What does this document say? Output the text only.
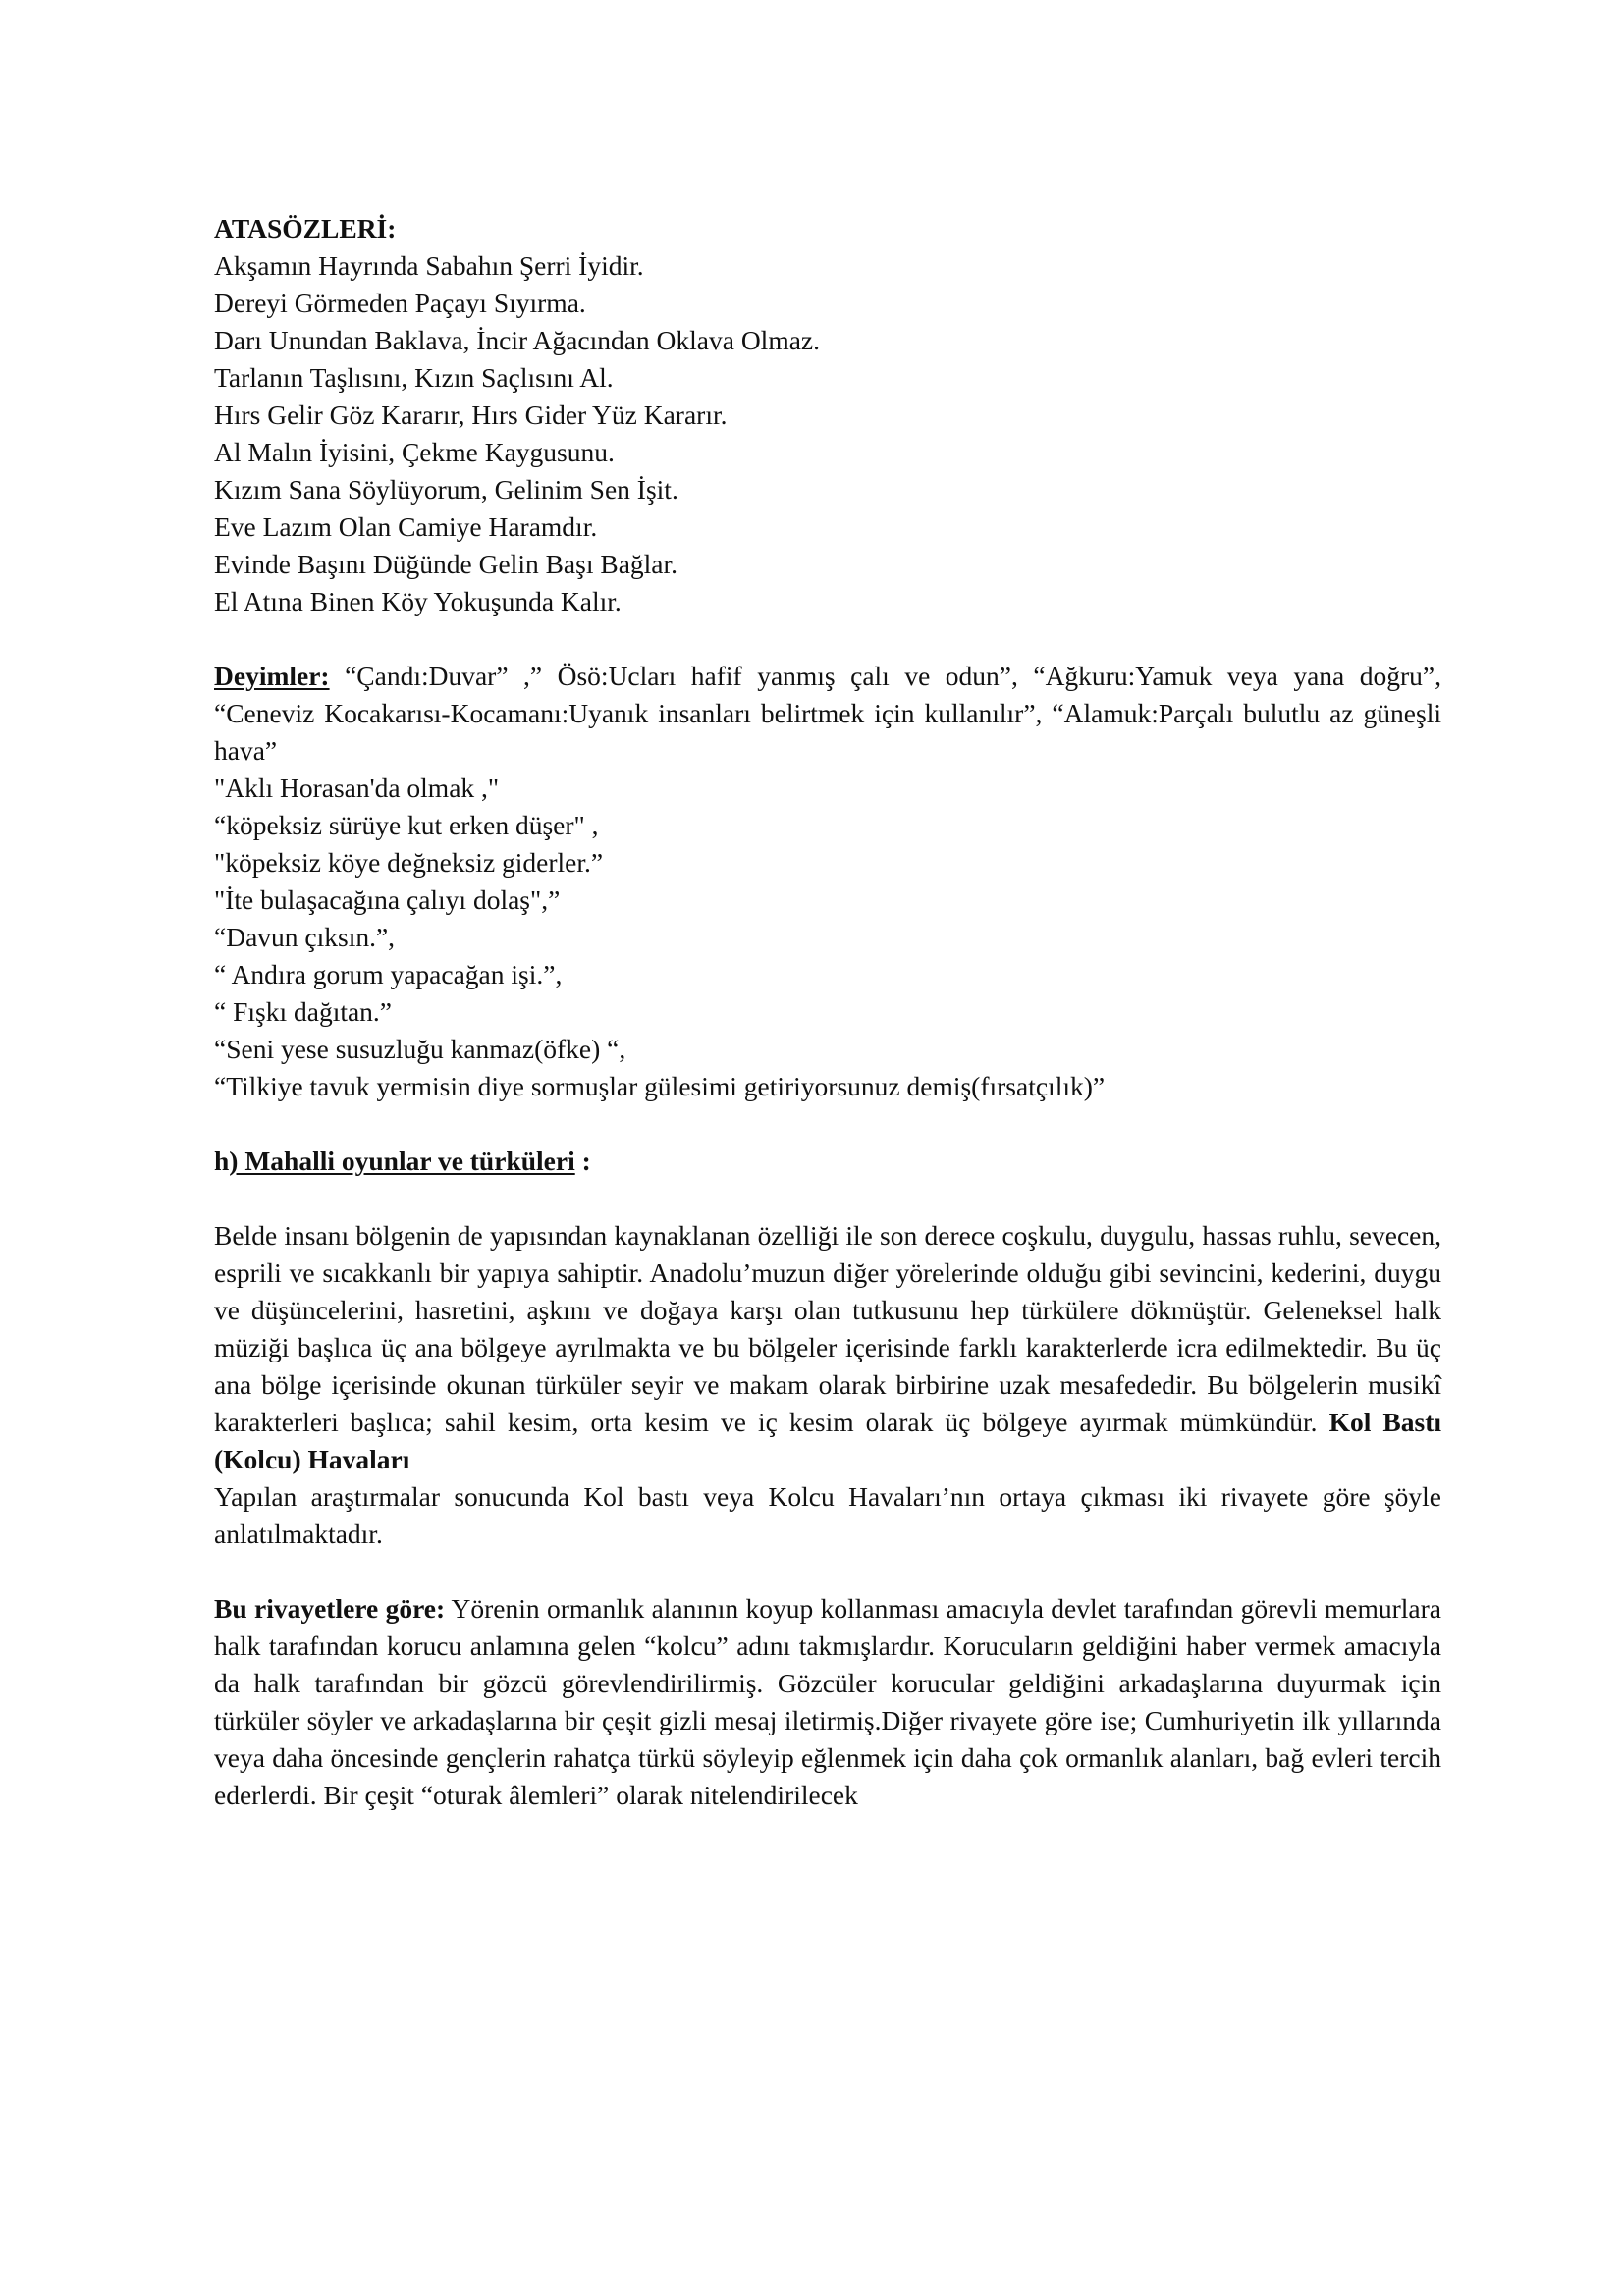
ATASÖZLERİ:
Akşamın Hayrında Sabahın Şerri İyidir.
Dereyi Görmeden Paçayı Sıyırma.
Darı Unundan Baklava, İncir Ağacından Oklava Olmaz.
Tarlanın Taşlısını, Kızın Saçlısını Al.
Hırs Gelir Göz Kararır, Hırs Gider Yüz Kararır.
Al Malın İyisini, Çekme Kaygusunu.
Kızım Sana Söylüyorum, Gelinim Sen İşit.
Eve Lazım Olan Camiye Haramdır.
Evinde Başını Düğünde Gelin Başı Bağlar.
El Atına Binen Köy Yokuşunda Kalır.

Deyimler: “Çandı:Duvar” ,” Ösö:Ucları hafif yanmış çalı ve odun”, “Ağkuru:Yamuk veya yana doğru”, “Ceneviz Kocakarısı-Kocamanı:Uyanık insanları belirtmek için kullanılır”, “Alamuk:Parçalı bulutlu az güneşli hava”

"Aklı Horasan'da olmak ,"
“köpeksiz sürüye kut erken düşer" ,
"köpeksiz köye değneksiz giderler.”
"İte bulaşacağına çalıyı dolaş",”
“Davun çıksın.”,
“ Andıra gorum yapacağan işi.”,
“ Fışkı dağıtan.”
“Seni yese susuzluğu kanmaz(öfke) “,
“Tilkiye tavuk yermisin diye sormuşlar gülesimi getiriyorsunuz demiş(fırsatçılık)”
h) Mahalli oyunlar ve türküleri :

Belde insanı bölgenin de yapısından kaynaklanan özelliği ile son derece coşkulu, duygulu, hassas ruhlu, sevecen, esprili ve sıcakkanlı bir yapıya sahiptir. Anadolu’muzun diğer yörelerinde olduğu gibi sevincini, kederini, duygu ve düşüncelerini, hasretini, aşkını ve doğaya karşı olan tutkusunu hep türkülere dökmüştür. Geleneksel halk müziği başlıca üç ana bölgeye ayrılmakta ve bu bölgeler içerisinde farklı karakterlerde icra edilmektedir. Bu üç ana bölge içerisinde okunan türküler seyir ve makam olarak birbirine uzak mesafededir. Bu bölgelerin musikî karakterleri başlıca; sahil kesim, orta kesim ve iç kesim olarak üç bölgeye ayırmak mümkündür. Kol Bastı (Kolcu) Havaları

Yapılan araştırmalar sonucunda Kol bastı veya Kolcu Havaları’nın ortaya çıkması iki rivayete göre şöyle anlatılmaktadır.

Bu rivayetlere göre: Yörenin ormanlık alanının koyup kollanması amacıyla devlet tarafından görevli memurlara halk tarafından korucu anlamına gelen “kolcu” adını takmışlardır. Korucuların geldiğini haber vermek amacıyla da halk tarafından bir gözcü görevlendirilirmiş. Gözcüler korucular geldiğini arkadaşlarına duyurmak için türküler söyler ve arkadaşlarına bir çeşit gizli mesaj iletirmiş.Diğer rivayete göre ise; Cumhuriyetin ilk yıllarında veya daha öncesinde gençlerin rahatça türkü söyleyip eğlenmek için daha çok ormanlık alanları, bağ evleri tercih ederlerdi. Bir çeşit “oturak âlemleri” olarak nitelendirilecek
